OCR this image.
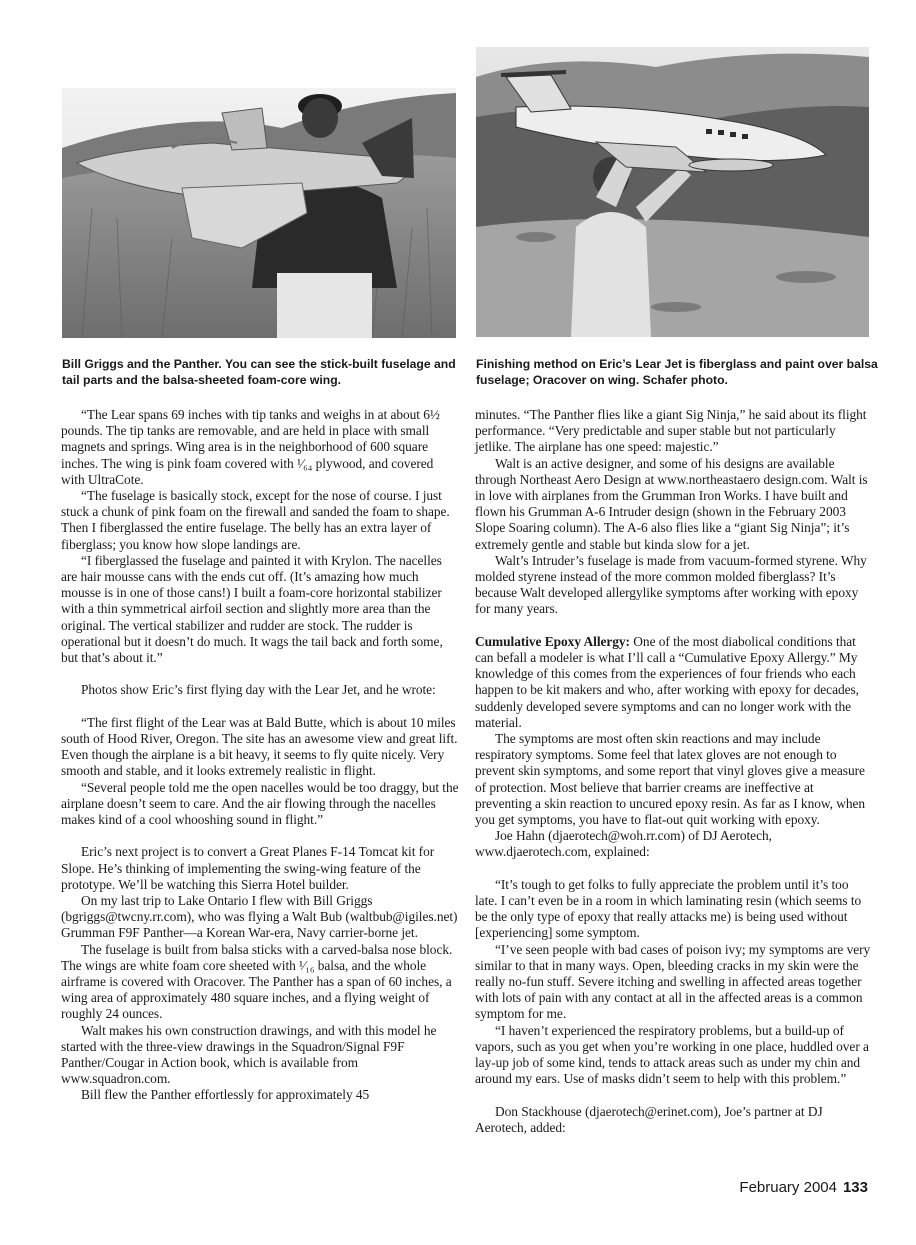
Bill Griggs and the Panther. You can see the stick-built fuselage and tail parts and the balsa-sheeted foam-core wing.
Finishing method on Eric’s Lear Jet is fiberglass and paint over balsa fuselage; Oracover on wing. Schafer photo.

“The Lear spans 69 inches with tip tanks and weighs in at about 6½ pounds. The tip tanks are removable, and are held in place with small magnets and springs. Wing area is in the neighborhood of 600 square inches. The wing is pink foam covered with ¹⁄₆₄ plywood, and covered with UltraCote.

“The fuselage is basically stock, except for the nose of course. I just stuck a chunk of pink foam on the firewall and sanded the foam to shape. Then I fiberglassed the entire fuselage. The belly has an extra layer of fiberglass; you know how slope landings are.

“I fiberglassed the fuselage and painted it with Krylon. The nacelles are hair mousse cans with the ends cut off. (It’s amazing how much mousse is in one of those cans!) I built a foam-core horizontal stabilizer with a thin symmetrical airfoil section and slightly more area than the original. The vertical stabilizer and rudder are stock. The rudder is operational but it doesn’t do much. It wags the tail back and forth some, but that’s about it.”

Photos show Eric’s first flying day with the Lear Jet, and he wrote:

“The first flight of the Lear was at Bald Butte, which is about 10 miles south of Hood River, Oregon. The site has an awesome view and great lift. Even though the airplane is a bit heavy, it seems to fly quite nicely. Very smooth and stable, and it looks extremely realistic in flight.

“Several people told me the open nacelles would be too draggy, but the airplane doesn’t seem to care. And the air flowing through the nacelles makes kind of a cool whooshing sound in flight.”

Eric’s next project is to convert a Great Planes F-14 Tomcat kit for Slope. He’s thinking of implementing the swing-wing feature of the prototype. We’ll be watching this Sierra Hotel builder.

On my last trip to Lake Ontario I flew with Bill Griggs (bgriggs@twcny.rr.com), who was flying a Walt Bub (waltbub@igiles.net) Grumman F9F Panther—a Korean War-era, Navy carrier-borne jet.

The fuselage is built from balsa sticks with a carved-balsa nose block. The wings are white foam core sheeted with ¹⁄₁₆ balsa, and the whole airframe is covered with Oracover. The Panther has a span of 60 inches, a wing area of approximately 480 square inches, and a flying weight of roughly 24 ounces.

Walt makes his own construction drawings, and with this model he started with the three-view drawings in the Squadron/Signal F9F Panther/Cougar in Action book, which is available from www.squadron.com.

Bill flew the Panther effortlessly for approximately 45

minutes. “The Panther flies like a giant Sig Ninja,” he said about its flight performance. “Very predictable and super stable but not particularly jetlike. The airplane has one speed: majestic.”

Walt is an active designer, and some of his designs are available through Northeast Aero Design at www.northeastaero design.com. Walt is in love with airplanes from the Grumman Iron Works. I have built and flown his Grumman A-6 Intruder design (shown in the February 2003 Slope Soaring column). The A-6 also flies like a “giant Sig Ninja”; it’s extremely gentle and stable but kinda slow for a jet.

Walt’s Intruder’s fuselage is made from vacuum-formed styrene. Why molded styrene instead of the more common molded fiberglass? It’s because Walt developed allergylike symptoms after working with epoxy for many years.

Cumulative Epoxy Allergy: One of the most diabolical conditions that can befall a modeler is what I’ll call a “Cumulative Epoxy Allergy.” My knowledge of this comes from the experiences of four friends who each happen to be kit makers and who, after working with epoxy for decades, suddenly developed severe symptoms and can no longer work with the material.

The symptoms are most often skin reactions and may include respiratory symptoms. Some feel that latex gloves are not enough to prevent skin symptoms, and some report that vinyl gloves give a measure of protection. Most believe that barrier creams are ineffective at preventing a skin reaction to uncured epoxy resin. As far as I know, when you get symptoms, you have to flat-out quit working with epoxy.

Joe Hahn (djaerotech@woh.rr.com) of DJ Aerotech, www.djaerotech.com, explained:

“It’s tough to get folks to fully appreciate the problem until it’s too late. I can’t even be in a room in which laminating resin (which seems to be the only type of epoxy that really attacks me) is being used without [experiencing] some symptom.

“I’ve seen people with bad cases of poison ivy; my symptoms are very similar to that in many ways. Open, bleeding cracks in my skin were the really no-fun stuff. Severe itching and swelling in affected areas together with lots of pain with any contact at all in the affected areas is a common symptom for me.

“I haven’t experienced the respiratory problems, but a build-up of vapors, such as you get when you’re working in one place, huddled over a lay-up job of some kind, tends to attack areas such as under my chin and around my ears. Use of masks didn’t seem to help with this problem.”

Don Stackhouse (djaerotech@erinet.com), Joe’s partner at DJ Aerotech, added:

February 2004 133
